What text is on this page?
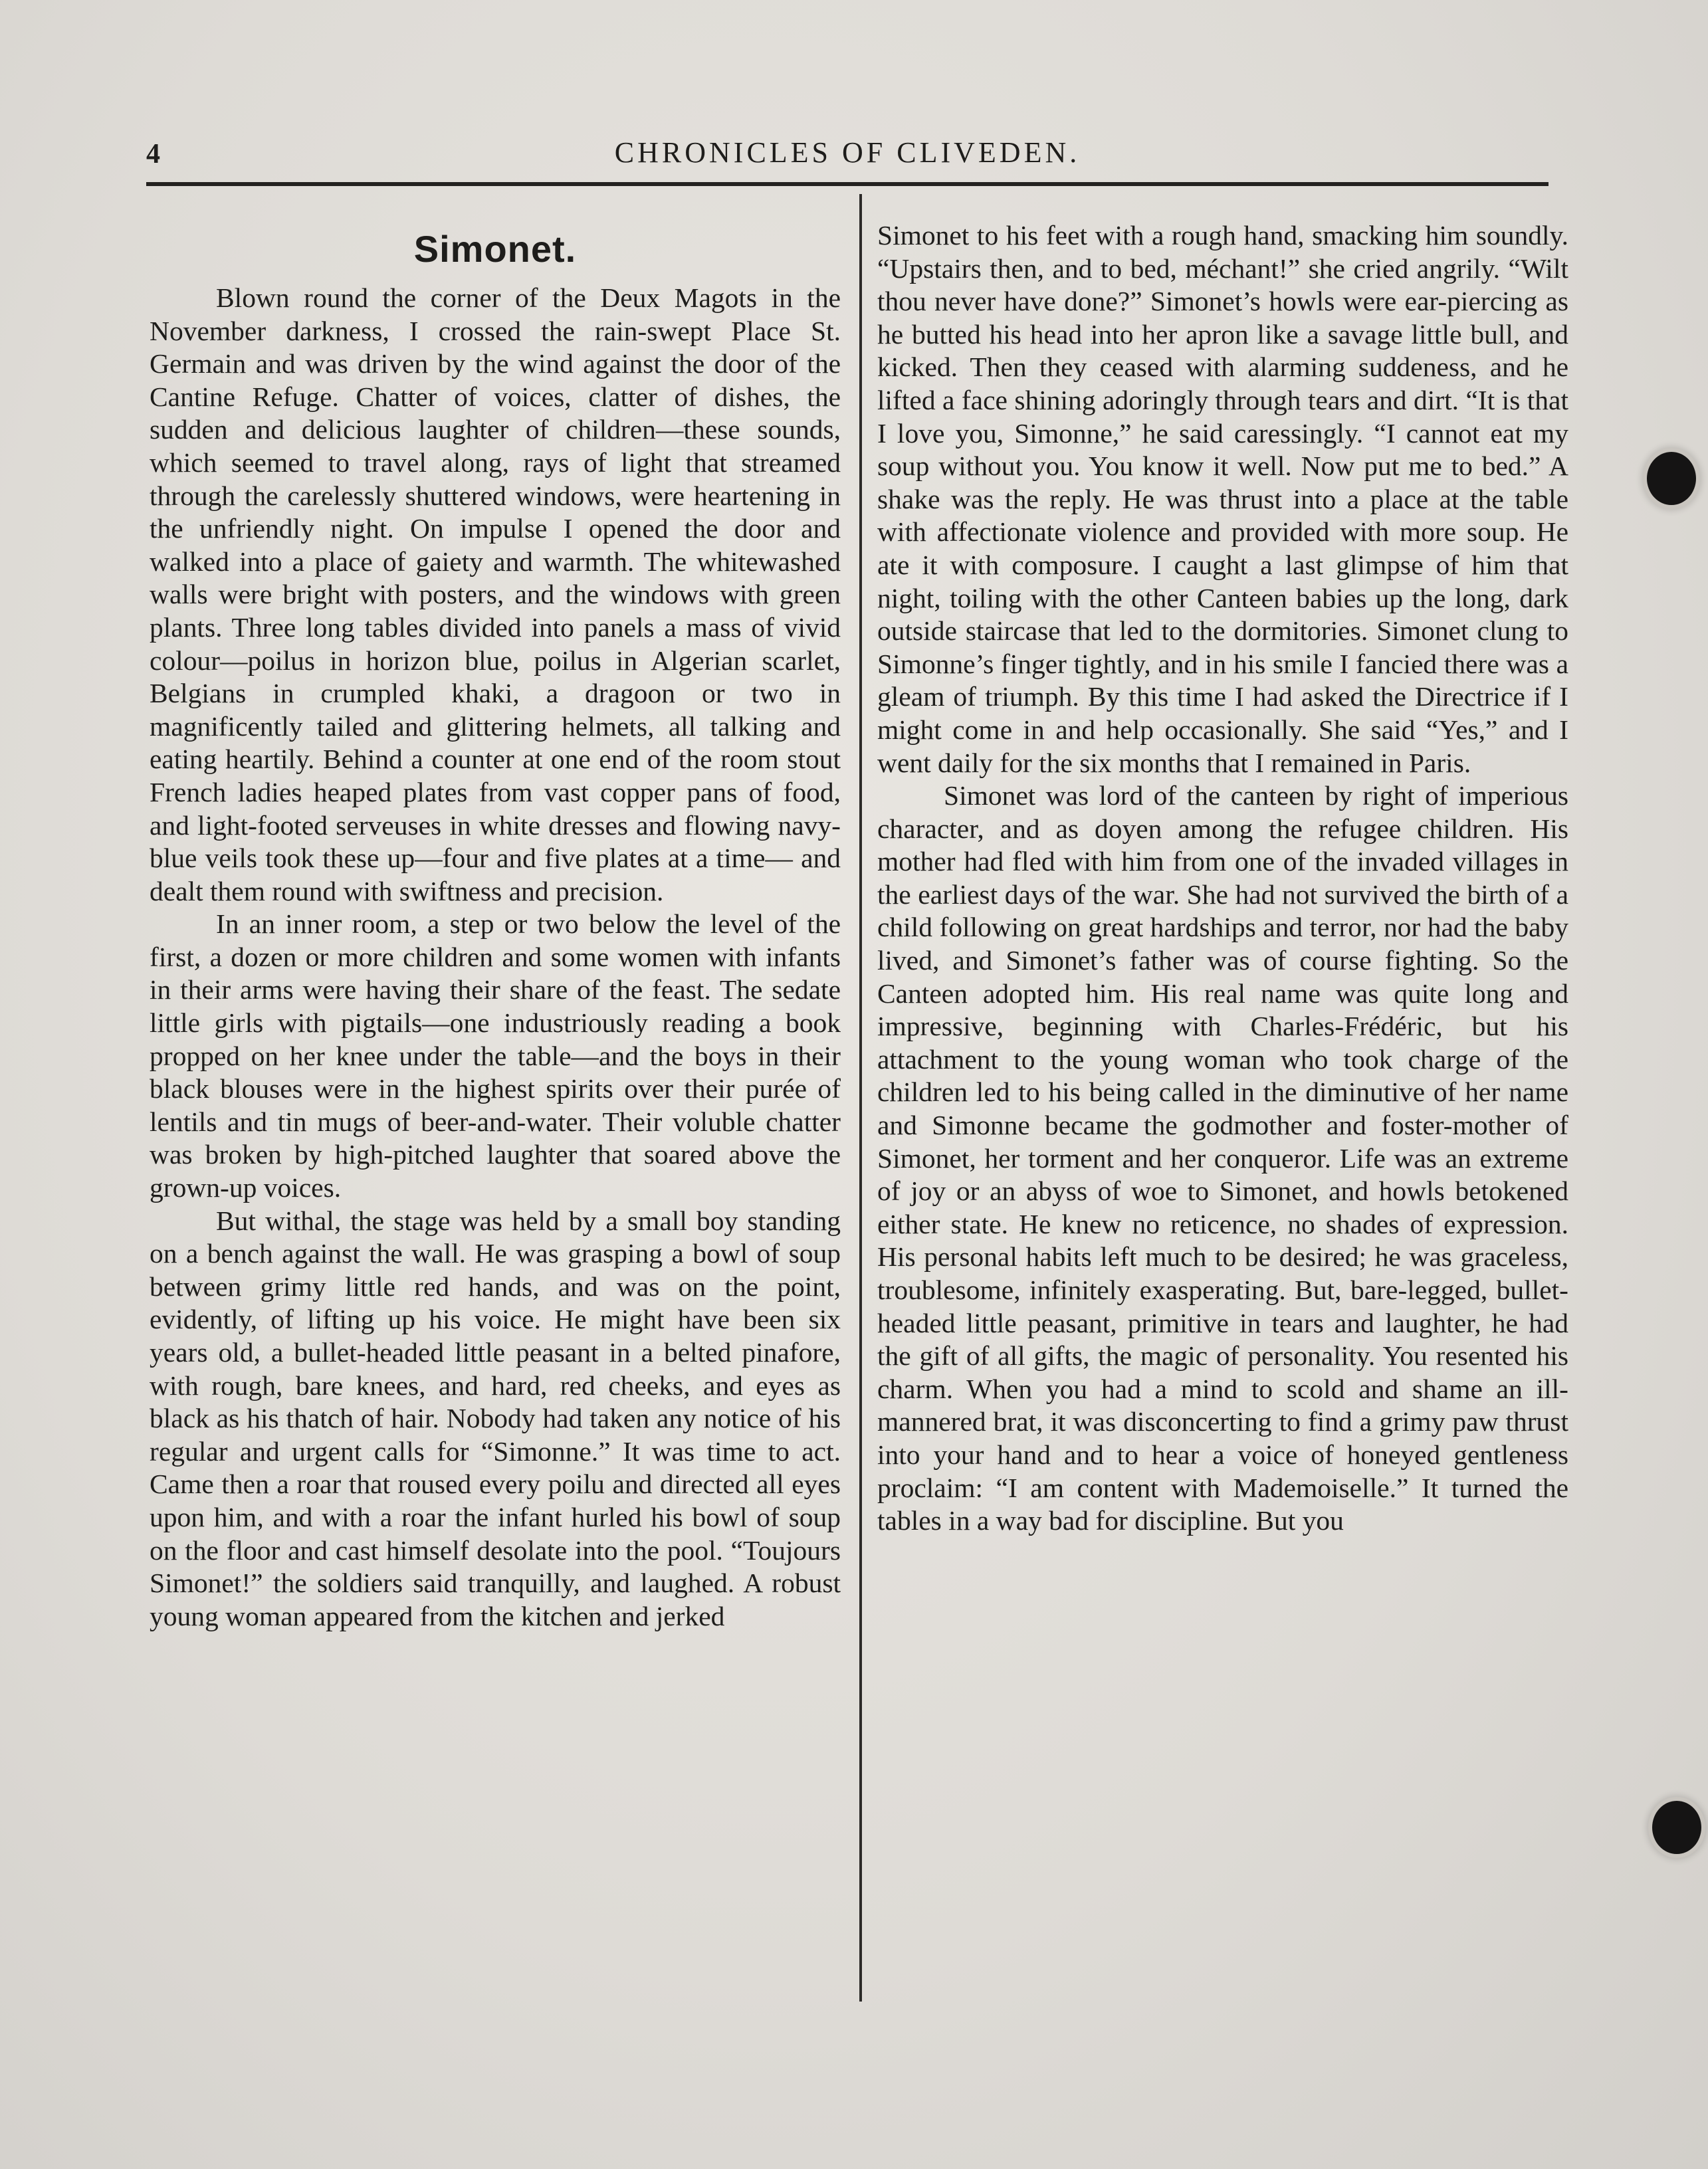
4	CHRONICLES OF CLIVEDEN.
Simonet.

Blown round the corner of the Deux Magots in the November darkness, I crossed the rain-swept Place St. Germain and was driven by the wind against the door of the Cantine Refuge. Chatter of voices, clatter of dishes, the sudden and delicious laughter of children—these sounds, which seemed to travel along, rays of light that streamed through the carelessly shuttered windows, were heartening in the unfriendly night. On impulse I opened the door and walked into a place of gaiety and warmth. The whitewashed walls were bright with posters, and the windows with green plants. Three long tables divided into panels a mass of vivid colour—poilus in horizon blue, poilus in Algerian scarlet, Belgians in crumpled khaki, a dragoon or two in magnificently tailed and glittering helmets, all talking and eating heartily. Behind a counter at one end of the room stout French ladies heaped plates from vast copper pans of food, and light-footed serveuses in white dresses and flowing navy-blue veils took these up—four and five plates at a time— and dealt them round with swiftness and precision.

In an inner room, a step or two below the level of the first, a dozen or more children and some women with infants in their arms were having their share of the feast. The sedate little girls with pigtails—one industriously reading a book propped on her knee under the table—and the boys in their black blouses were in the highest spirits over their purée of lentils and tin mugs of beer-and-water. Their voluble chatter was broken by high-pitched laughter that soared above the grown-up voices.

But withal, the stage was held by a small boy standing on a bench against the wall. He was grasping a bowl of soup between grimy little red hands, and was on the point, evidently, of lifting up his voice. He might have been six years old, a bullet-headed little peasant in a belted pinafore, with rough, bare knees, and hard, red cheeks, and eyes as black as his thatch of hair. Nobody had taken any notice of his regular and urgent calls for “Simonne.” It was time to act. Came then a roar that roused every poilu and directed all eyes upon him, and with a roar the infant hurled his bowl of soup on the floor and cast himself desolate into the pool. “Toujours Simonet!” the soldiers said tranquilly, and laughed. A robust young woman appeared from the kitchen and jerked

Simonet to his feet with a rough hand, smacking him soundly. “Upstairs then, and to bed, méchant!” she cried angrily. “Wilt thou never have done?” Simonet’s howls were ear-piercing as he butted his head into her apron like a savage little bull, and kicked. Then they ceased with alarming suddeness, and he lifted a face shining adoringly through tears and dirt. “It is that I love you, Simonne,” he said caressingly. “I cannot eat my soup without you. You know it well. Now put me to bed.” A shake was the reply. He was thrust into a place at the table with affectionate violence and provided with more soup. He ate it with composure. I caught a last glimpse of him that night, toiling with the other Canteen babies up the long, dark outside staircase that led to the dormitories. Simonet clung to Simonne’s finger tightly, and in his smile I fancied there was a gleam of triumph. By this time I had asked the Directrice if I might come in and help occasionally. She said “Yes,” and I went daily for the six months that I remained in Paris.

Simonet was lord of the canteen by right of imperious character, and as doyen among the refugee children. His mother had fled with him from one of the invaded villages in the earliest days of the war. She had not survived the birth of a child following on great hardships and terror, nor had the baby lived, and Simonet’s father was of course fighting. So the Canteen adopted him. His real name was quite long and impressive, beginning with Charles-Frédéric, but his attachment to the young woman who took charge of the children led to his being called in the diminutive of her name and Simonne became the godmother and foster-mother of Simonet, her torment and her conqueror. Life was an extreme of joy or an abyss of woe to Simonet, and howls betokened either state. He knew no reticence, no shades of expression. His personal habits left much to be desired; he was graceless, troublesome, infinitely exasperating. But, bare-legged, bullet-headed little peasant, primitive in tears and laughter, he had the gift of all gifts, the magic of personality. You resented his charm. When you had a mind to scold and shame an ill-mannered brat, it was disconcerting to find a grimy paw thrust into your hand and to hear a voice of honeyed gentleness proclaim: “I am content with Mademoiselle.” It turned the tables in a way bad for discipline. But you
